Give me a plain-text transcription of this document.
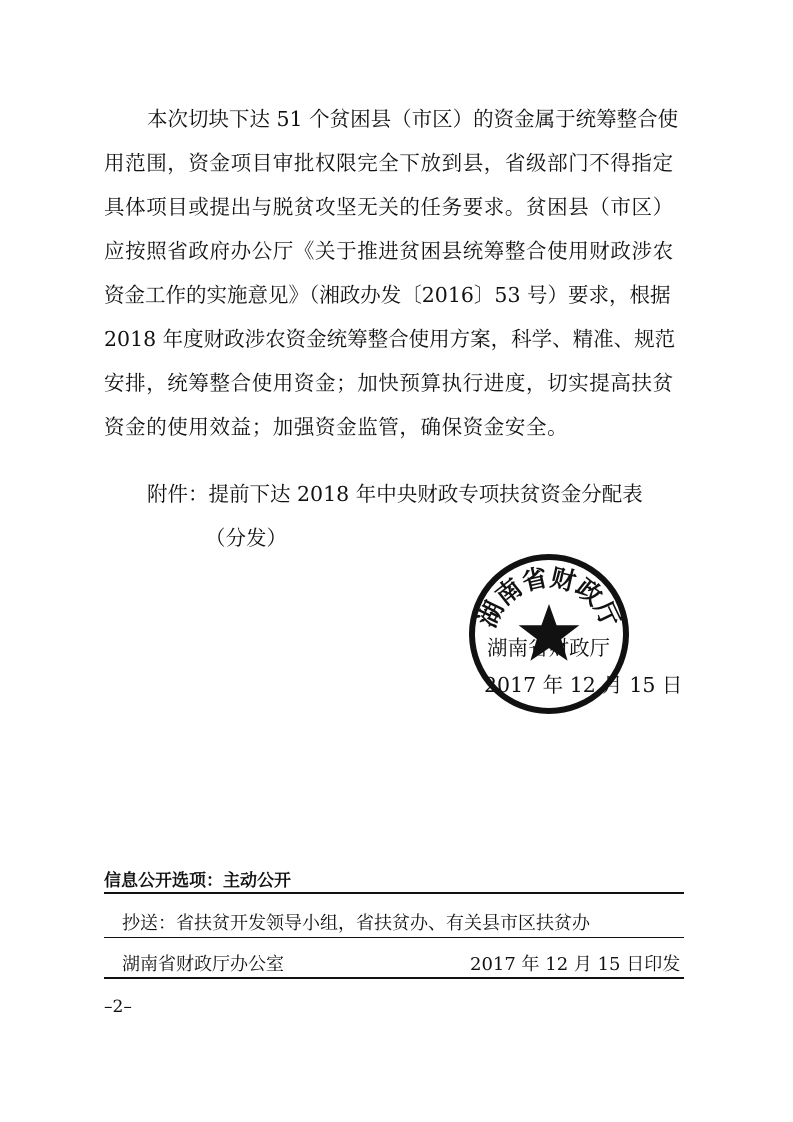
本次切块下达 51 个贫困县（市区）的资金属于统筹整合使
用范围，资金项目审批权限完全下放到县，省级部门不得指定
具体项目或提出与脱贫攻坚无关的任务要求。贫困县（市区）
应按照省政府办公厅《关于推进贫困县统筹整合使用财政涉农
资金工作的实施意见》（湘政办发〔2016〕53 号）要求，根据
2018 年度财政涉农资金统筹整合使用方案，科学、精准、规范
安排，统筹整合使用资金；加快预算执行进度，切实提高扶贫
资金的使用效益；加强资金监管，确保资金安全。
附件：提前下达 2018 年中央财政专项扶贫资金分配表
（分发）
湖南省财政厅
湖南省财政厅
2017 年 12 月 15 日
信息公开选项：主动公开
抄送：省扶贫开发领导小组，省扶贫办、有关县市区扶贫办
湖南省财政厅办公室	2017 年 12 月 15 日印发
–2–
